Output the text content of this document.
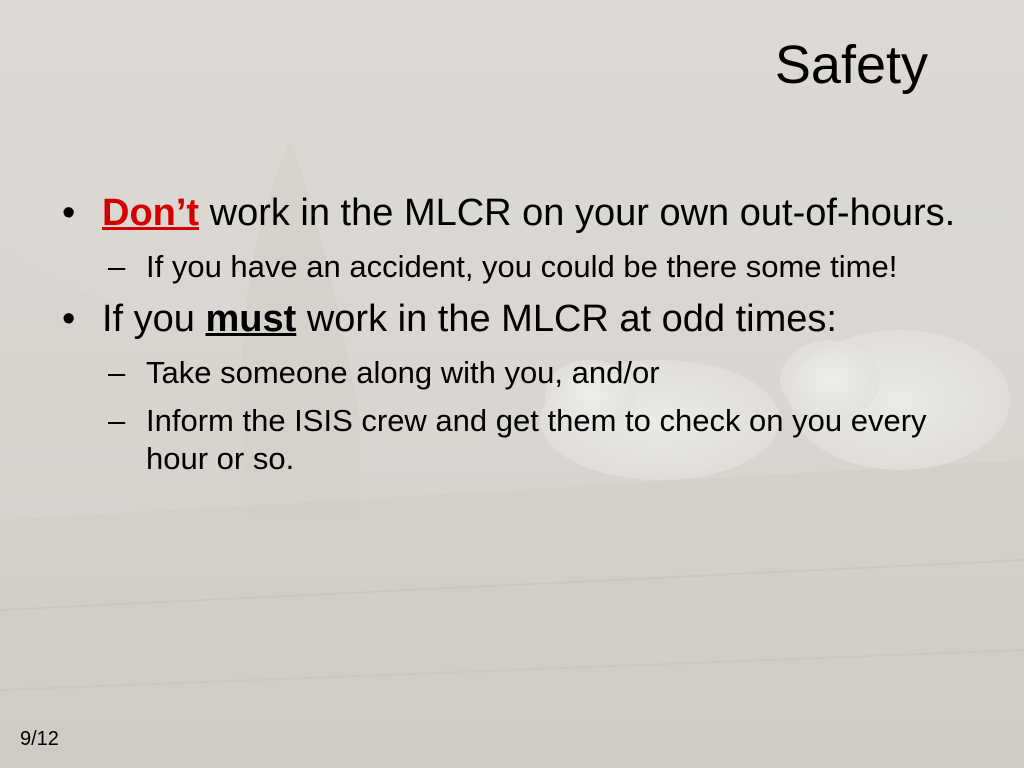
Safety
• Don’t work in the MLCR on your own out-of-hours.
– If you have an accident, you could be there some time!
• If you must work in the MLCR at odd times:
– Take someone along with you, and/or
– Inform the ISIS crew and get them to check on you every hour or so.
9/12
